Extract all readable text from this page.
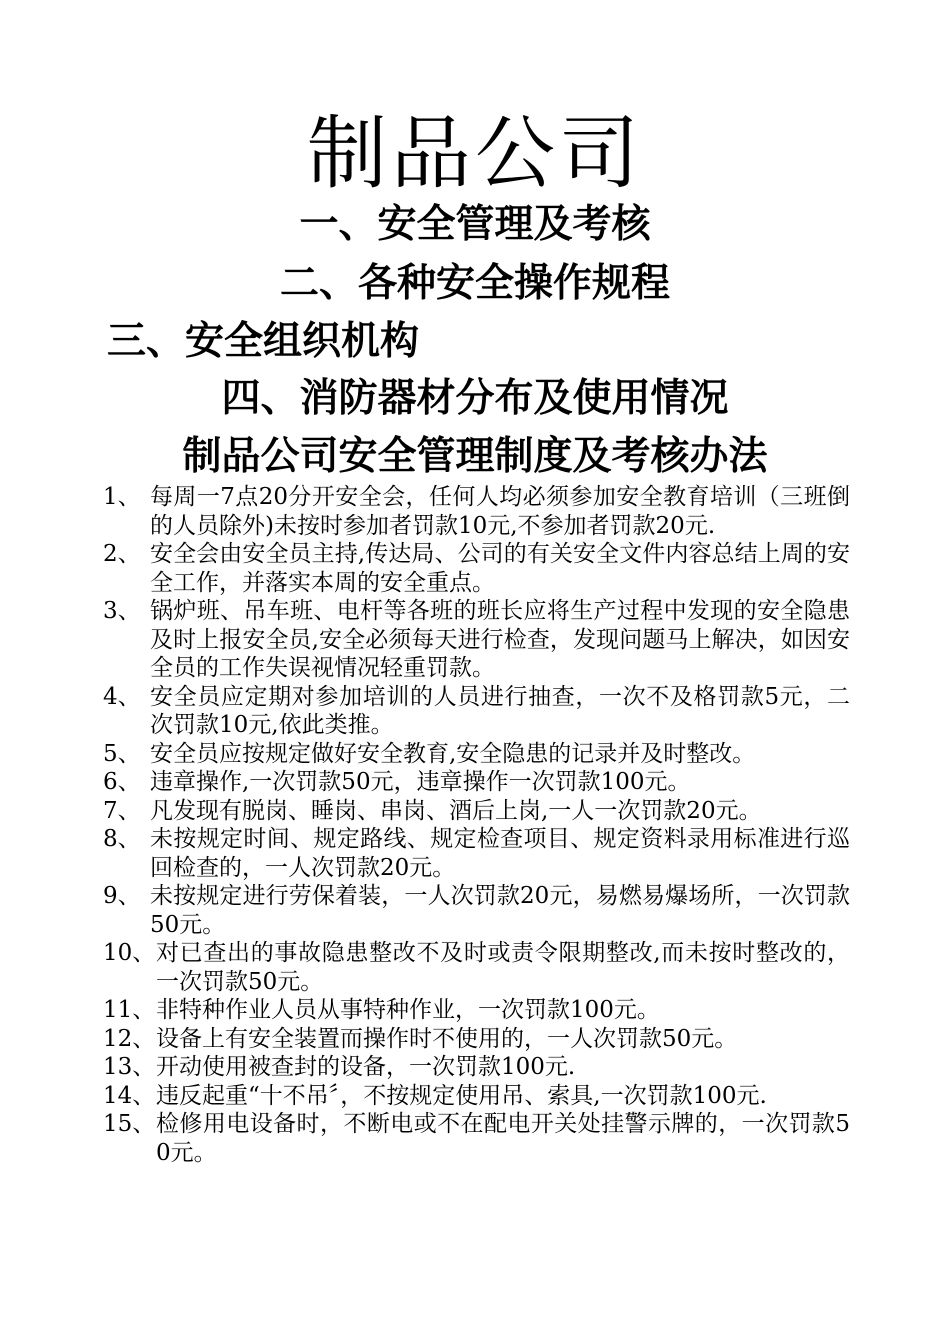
制品公司
一、安全管理及考核
二、各种安全操作规程
三、安全组织机构
四、消防器材分布及使用情况
制品公司安全管理制度及考核办法
1、 每周一7点20分开安全会，任何人均必须参加安全教育培训（三班倒的人员除外)未按时参加者罚款10元,不参加者罚款20元.
2、 安全会由安全员主持,传达局、公司的有关安全文件内容总结上周的安全工作，并落实本周的安全重点。
3、 锅炉班、吊车班、电杆等各班的班长应将生产过程中发现的安全隐患及时上报安全员,安全必须每天进行检查，发现问题马上解决，如因安全员的工作失误视情况轻重罚款。
4、 安全员应定期对参加培训的人员进行抽查，一次不及格罚款5元，二次罚款10元,依此类推。
5、 安全员应按规定做好安全教育,安全隐患的记录并及时整改。
6、 违章操作,一次罚款50元，违章操作一次罚款100元。
7、 凡发现有脱岗、睡岗、串岗、酒后上岗,一人一次罚款20元。
8、 未按规定时间、规定路线、规定检查项目、规定资料录用标准进行巡回检查的，一人次罚款20元。
9、 未按规定进行劳保着装，一人次罚款20元，易燃易爆场所，一次罚款50元。
10、 对已查出的事故隐患整改不及时或责令限期整改,而未按时整改的，一次罚款50元。
11、 非特种作业人员从事特种作业，一次罚款100元。
12、 设备上有安全装置而操作时不使用的，一人次罚款50元。
13、 开动使用被查封的设备，一次罚款100元.
14、 违反起重“十不吊〞，不按规定使用吊、索具,一次罚款100元.
15、 检修用电设备时，不断电或不在配电开关处挂警示牌的，一次罚款50元。
